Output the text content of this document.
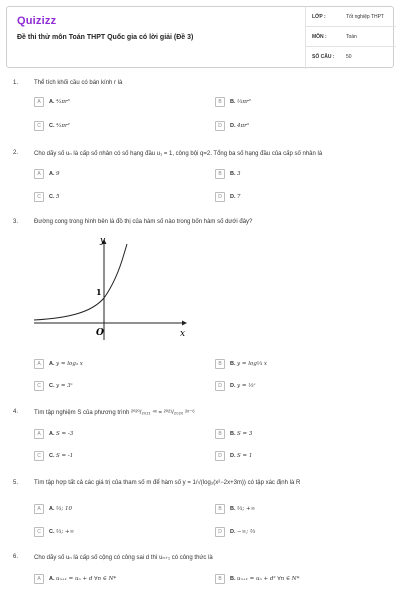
Quizizz
Đề thi thử môn Toán THPT Quốc gia có lời giải (Đề 3)
LỚP :	Tốt nghiệp THPT
MÔN :	Toán
SỐ CÂU : 50
1.	Thể tích khối cầu có bán kính r là
A	A. ⁴⁄₃πr³	B	B. ⅓πr³
C	C. ⁴⁄₃πr²	D	D. 4πr³
2.	Cho dãy số uₙ là cấp số nhân có số hạng đầu u₁ = 1, công bội q=2. Tổng ba số hạng đầu của cấp số nhân là
A	A. 9	B	B. 3
C	C. 5	D	D. 7
3.	Đường cong trong hình bên là đồ thị của hàm số nào trong bốn hàm số dưới đây?
y
x
O
1
A	A. y = log₃ x	B	B. y = log⅓ x
C	C. y = 3ˣ	D	D. y = ⅓ˣ
4.	Tìm tập nghiệm S của phương trình ²⁰²⁰/₂₀₂₁ ⁴ˣ = ²⁰²¹/₂₀₂₀ ²ˣ⁻⁶
A	A. S = -3	B	B. S = 3
C	C. S = -1	D	D. S = 1
5.	Tìm tập hợp tất cả các giá trị của tham số m để hàm số y = 1/√(log₃(x²−2x+3m)) có tập xác định là R
A	A. ⅔; 10	B	B. ⅔; +∞
C	C. ⅔; +∞	D	D. −∞; ⅔
6.	Cho dãy số uₙ là cấp số cộng có công sai d thì uₙ₊₁ có công thức là
A	A. uₙ₊₁ = uₙ + d ∀n ∈ N*	B	B. uₙ₊₁ = uₙ + d² ∀n ∈ N*
